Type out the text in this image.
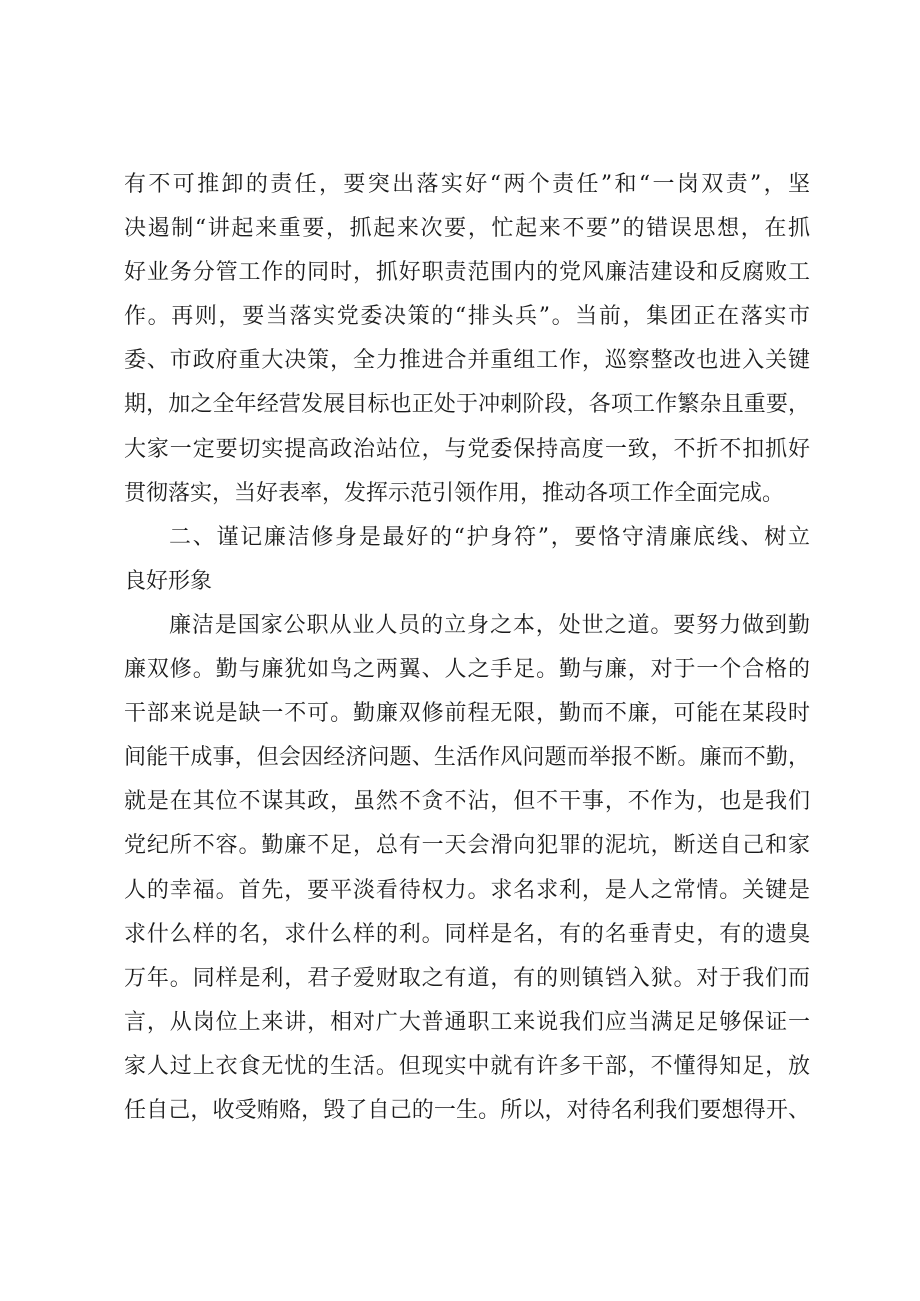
有不可推卸的责任，要突出落实好“两个责任”和“一岗双责”，坚
决遏制“讲起来重要，抓起来次要，忙起来不要”的错误思想，在抓
好业务分管工作的同时，抓好职责范围内的党风廉洁建设和反腐败工
作。再则，要当落实党委决策的“排头兵”。当前，集团正在落实市
委、市政府重大决策，全力推进合并重组工作，巡察整改也进入关键
期，加之全年经营发展目标也正处于冲刺阶段，各项工作繁杂且重要，
大家一定要切实提高政治站位，与党委保持高度一致，不折不扣抓好
贯彻落实，当好表率，发挥示范引领作用，推动各项工作全面完成。
二、谨记廉洁修身是最好的“护身符”，要恪守清廉底线、树立
良好形象
廉洁是国家公职从业人员的立身之本，处世之道。要努力做到勤
廉双修。勤与廉犹如鸟之两翼、人之手足。勤与廉，对于一个合格的
干部来说是缺一不可。勤廉双修前程无限，勤而不廉，可能在某段时
间能干成事，但会因经济问题、生活作风问题而举报不断。廉而不勤，
就是在其位不谋其政，虽然不贪不沾，但不干事，不作为，也是我们
党纪所不容。勤廉不足，总有一天会滑向犯罪的泥坑，断送自己和家
人的幸福。首先，要平淡看待权力。求名求利，是人之常情。关键是
求什么样的名，求什么样的利。同样是名，有的名垂青史，有的遗臭
万年。同样是利，君子爱财取之有道，有的则镇铛入狱。对于我们而
言，从岗位上来讲，相对广大普通职工来说我们应当满足足够保证一
家人过上衣食无忧的生活。但现实中就有许多干部，不懂得知足，放
任自己，收受贿赂，毁了自己的一生。所以，对待名利我们要想得开、
